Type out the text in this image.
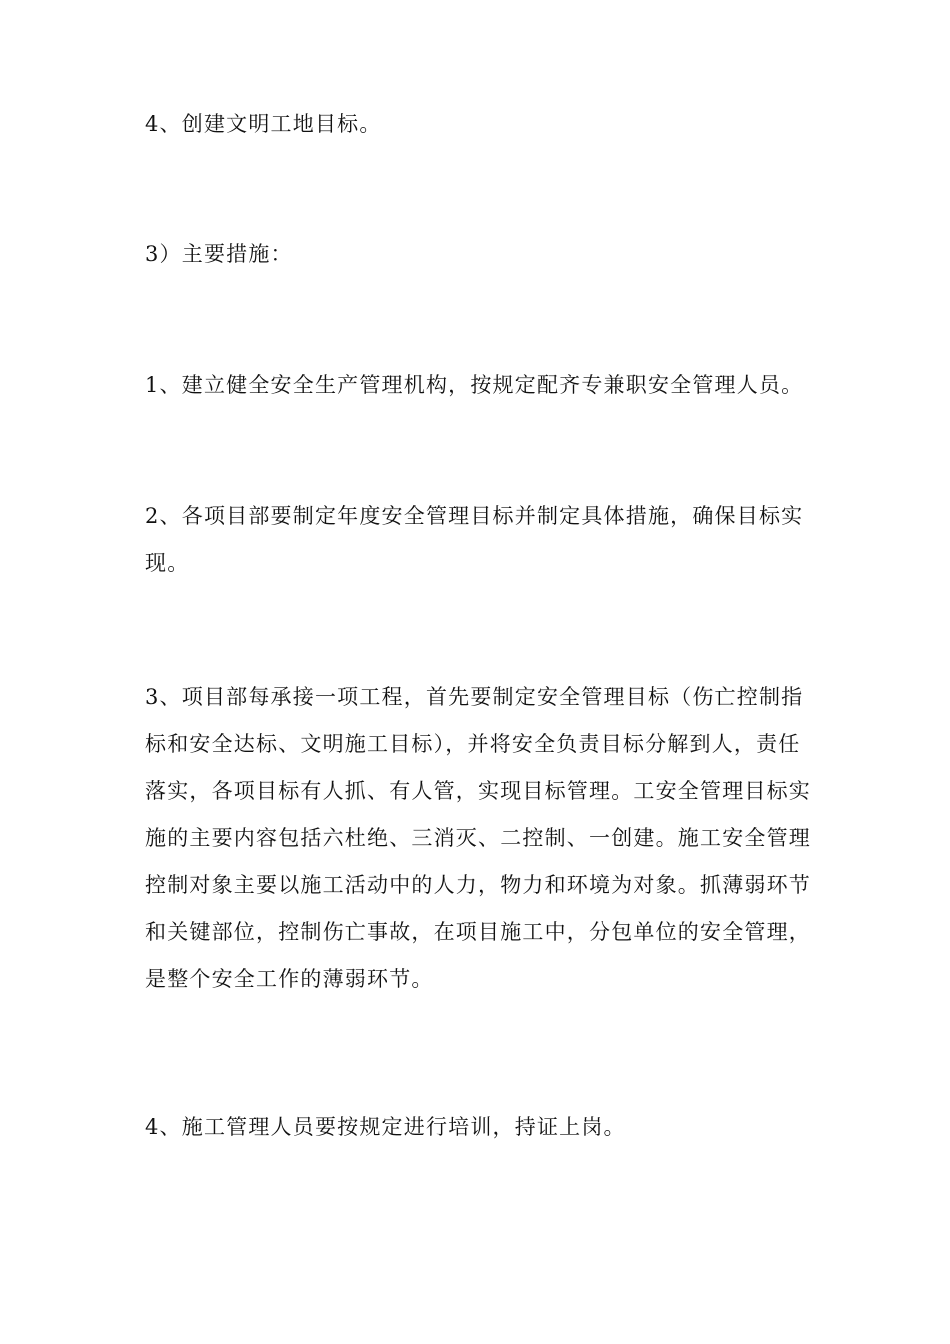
4、创建文明工地目标。

3）主要措施：

1、建立健全安全生产管理机构，按规定配齐专兼职安全管理人员。

2、各项目部要制定年度安全管理目标并制定具体措施，确保目标实现。

3、项目部每承接一项工程，首先要制定安全管理目标（伤亡控制指标和安全达标、文明施工目标），并将安全负责目标分解到人，责任落实，各项目标有人抓、有人管，实现目标管理。工安全管理目标实施的主要内容包括六杜绝、三消灭、二控制、一创建。施工安全管理控制对象主要以施工活动中的人力，物力和环境为对象。抓薄弱环节和关键部位，控制伤亡事故，在项目施工中，分包单位的安全管理，是整个安全工作的薄弱环节。

4、施工管理人员要按规定进行培训，持证上岗。
